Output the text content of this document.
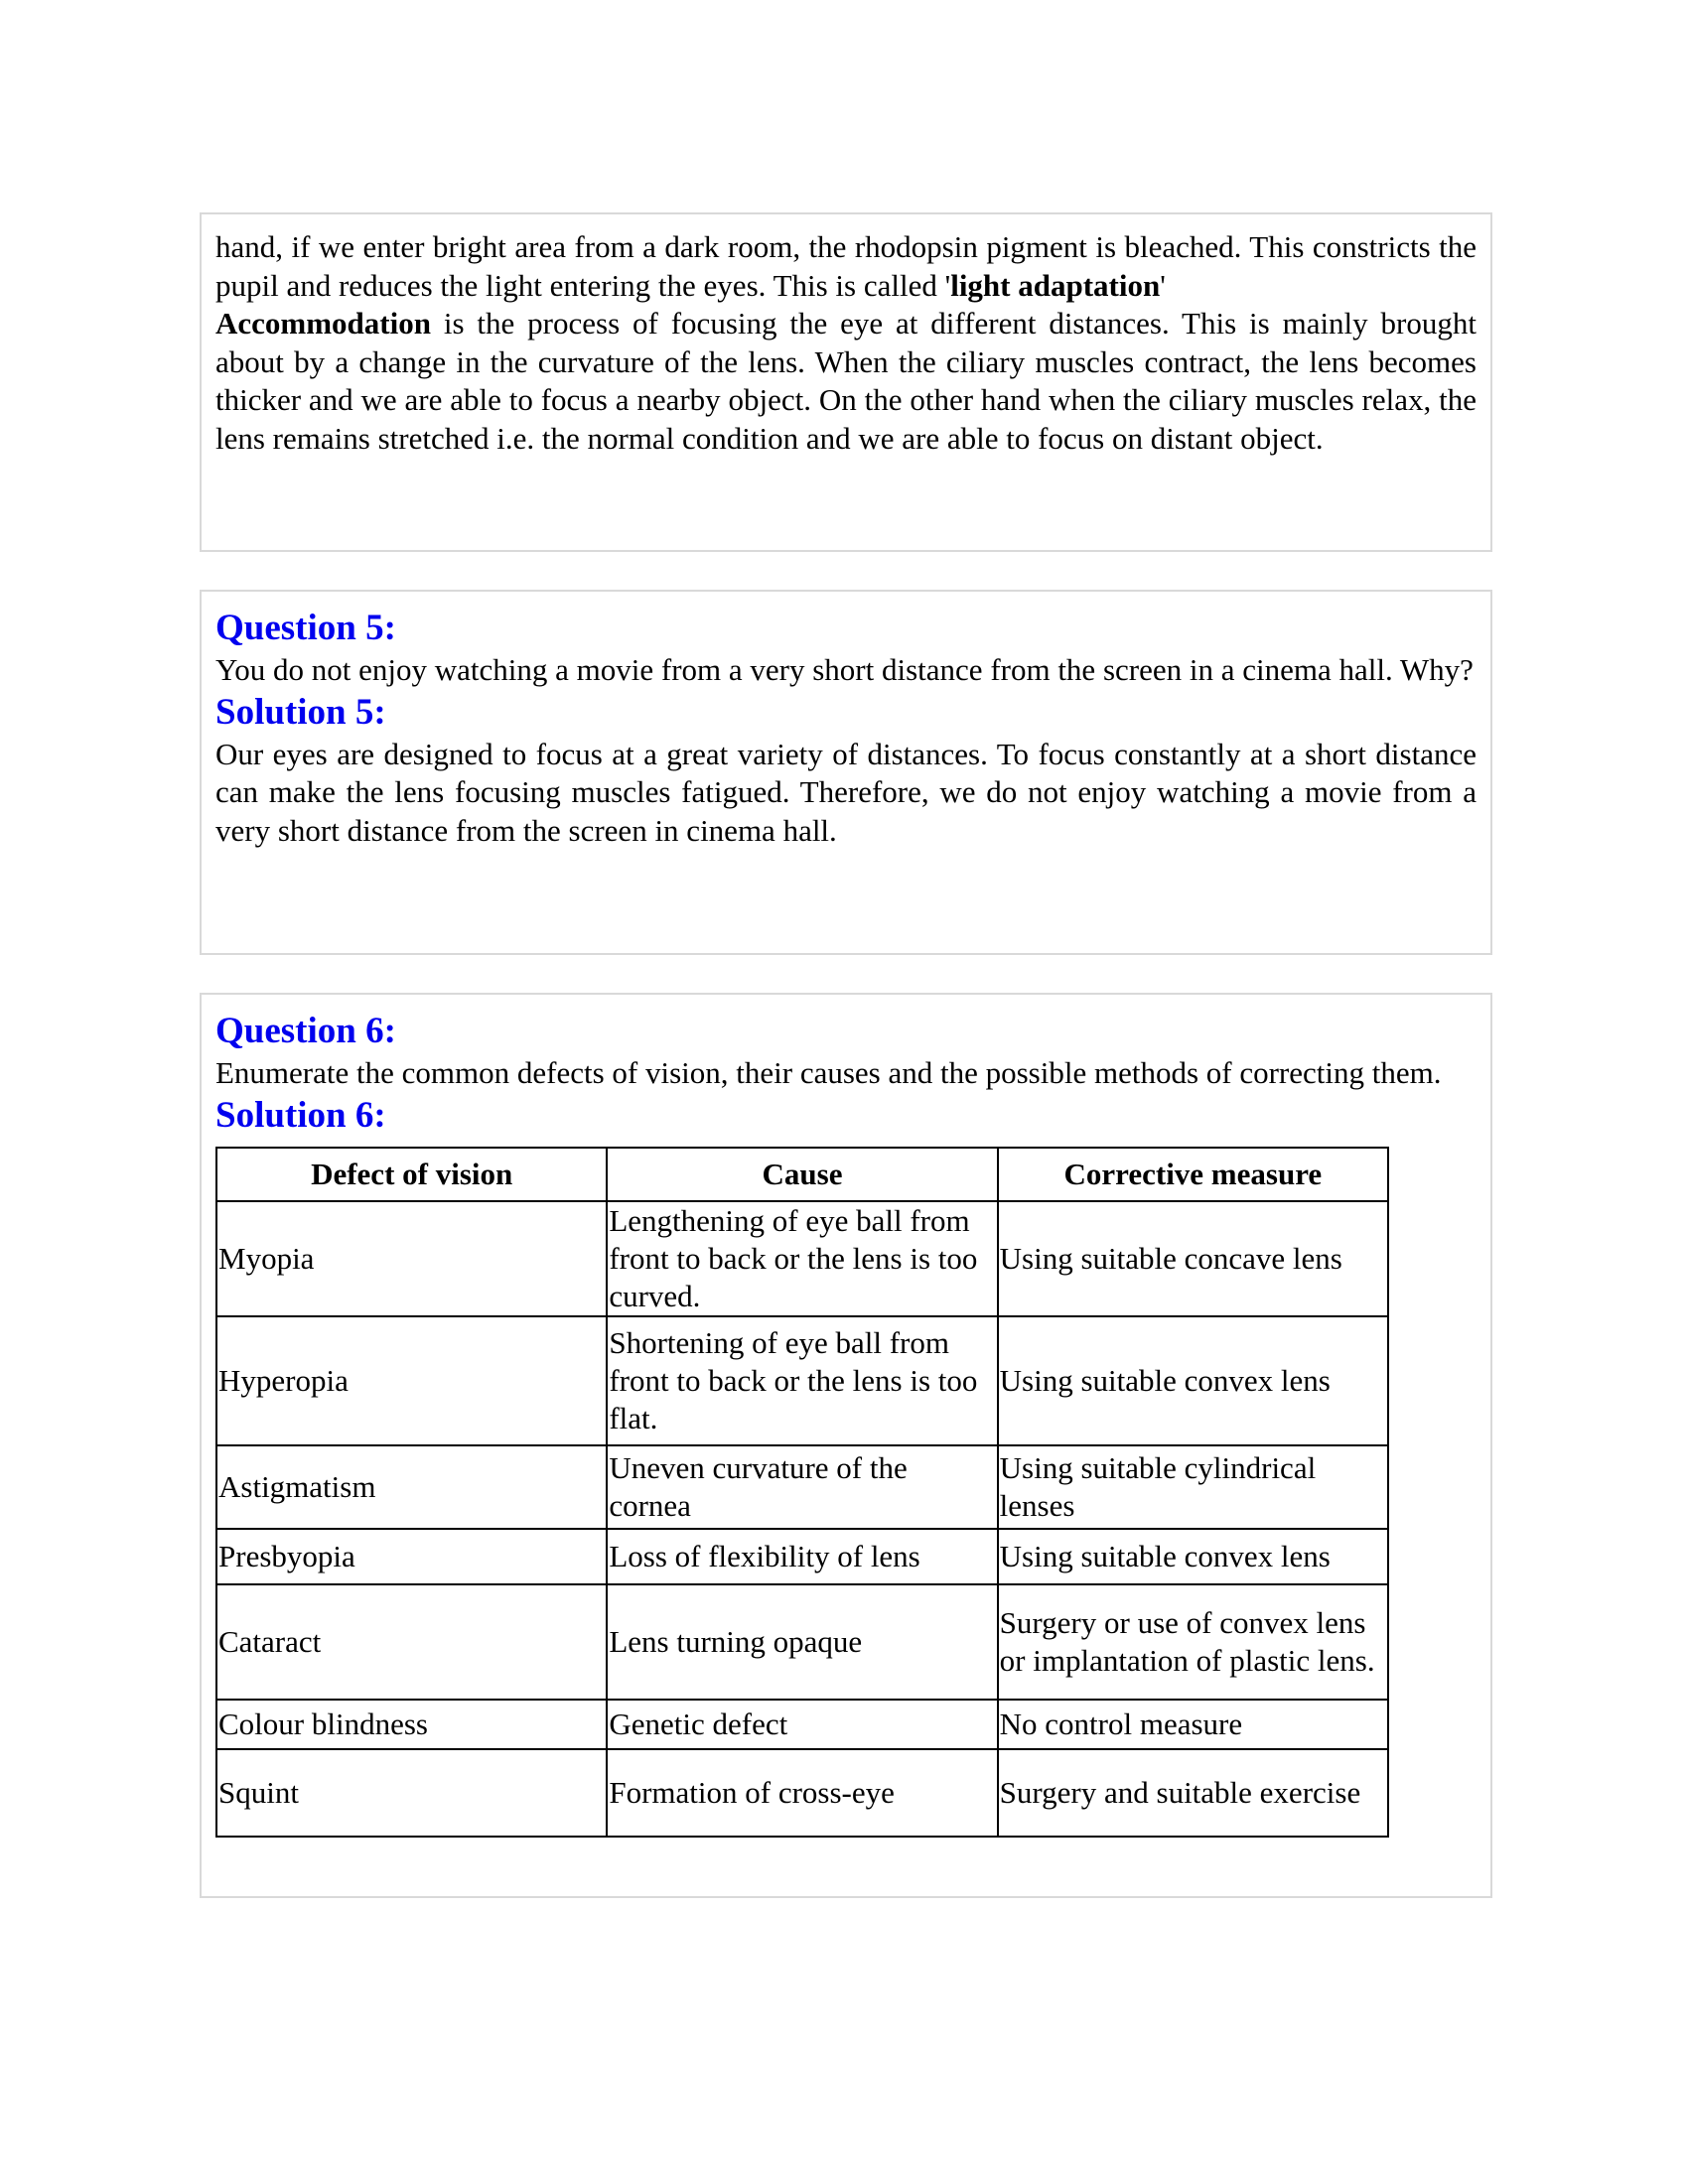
hand, if we enter bright area from a dark room, the rhodopsin pigment is bleached. This constricts the pupil and reduces the light entering the eyes. This is called 'light adaptation'
Accommodation is the process of focusing the eye at different distances. This is mainly brought about by a change in the curvature of the lens. When the ciliary muscles contract, the lens becomes thicker and we are able to focus a nearby object. On the other hand when the ciliary muscles relax, the lens remains stretched i.e. the normal condition and we are able to focus on distant object.

Question 5:

You do not enjoy watching a movie from a very short distance from the screen in a cinema hall. Why?

Solution 5:

Our eyes are designed to focus at a great variety of distances. To focus constantly at a short distance can make the lens focusing muscles fatigued. Therefore, we do not enjoy watching a movie from a very short distance from the screen in cinema hall.

Question 6:

Enumerate the common defects of vision, their causes and the possible methods of correcting them.

Solution 6:
Defect of vision	Cause	Corrective measure
Myopia	Lengthening of eye ball from front to back or the lens is too curved.	Using suitable concave lens
Hyperopia	Shortening of eye ball from front to back or the lens is too flat.	Using suitable convex lens
Astigmatism	Uneven curvature of the cornea	Using suitable cylindrical lenses
Presbyopia	Loss of flexibility of lens	Using suitable convex lens
Cataract	Lens turning opaque	Surgery or use of convex lens or implantation of plastic lens.
Colour blindness	Genetic defect	No control measure
Squint	Formation of cross-eye	Surgery and suitable exercise
